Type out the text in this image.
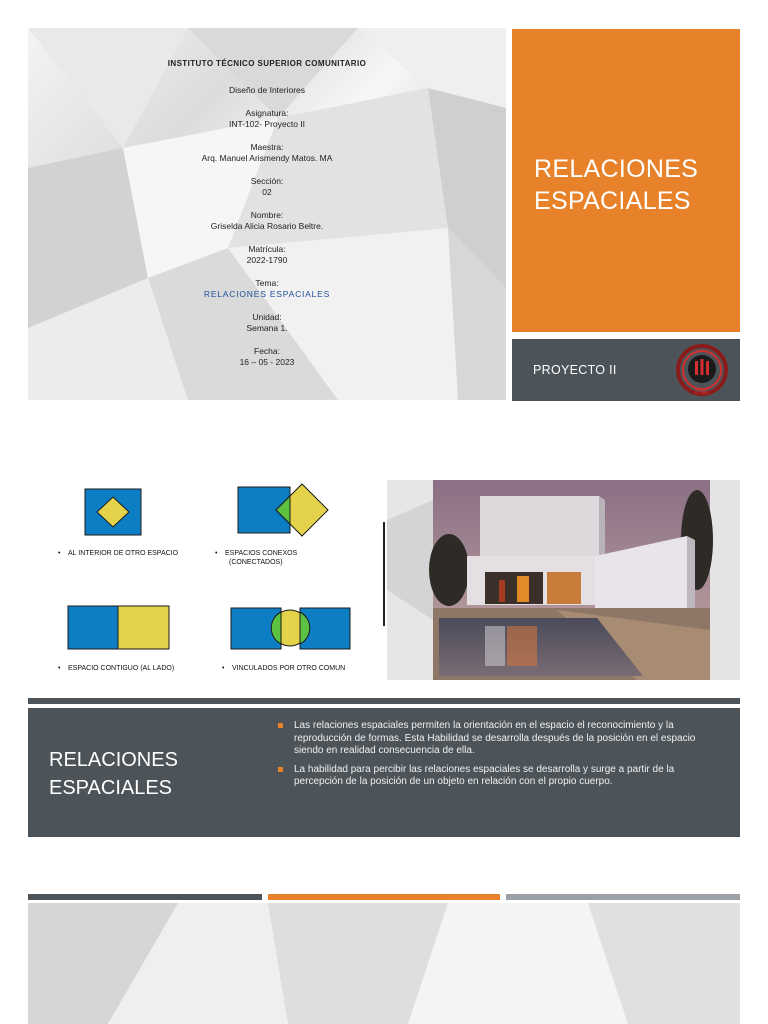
INSTITUTO TÉCNICO SUPERIOR COMUNITARIO
Diseño de Interiores
Asignatura:
INT-102- Proyecto II
Maestra:
Arq. Manuel Arismendy Matos. MA
Sección:
02
Nombre:
Griselda Alicia Rosario Beltre.
Matrícula:
2022-1790
Tema:
RELACIONES ESPACIALES
Unidad:
Semana 1.
Fecha:
16 – 05 - 2023
RELACIONES
ESPACIALES
PROYECTO II
ITSC
• AL INTERIOR DE OTRO ESPACIO	• ESPACIOS CONEXOS
(CONECTADOS)
• ESPACIO CONTIGUO (AL LADO)	• VINCULADOS POR OTRO COMUN
RELACIONES
ESPACIALES
Las relaciones espaciales permiten la orientación en el espacio el reconocimiento y la reproducción de formas. Esta Habilidad se desarrolla después de la posición en el espacio siendo en realidad consecuencia de ella.
La habilidad para percibir las relaciones espaciales se desarrolla y surge a partir de la percepción de la posición de un objeto en relación con el propio cuerpo.
